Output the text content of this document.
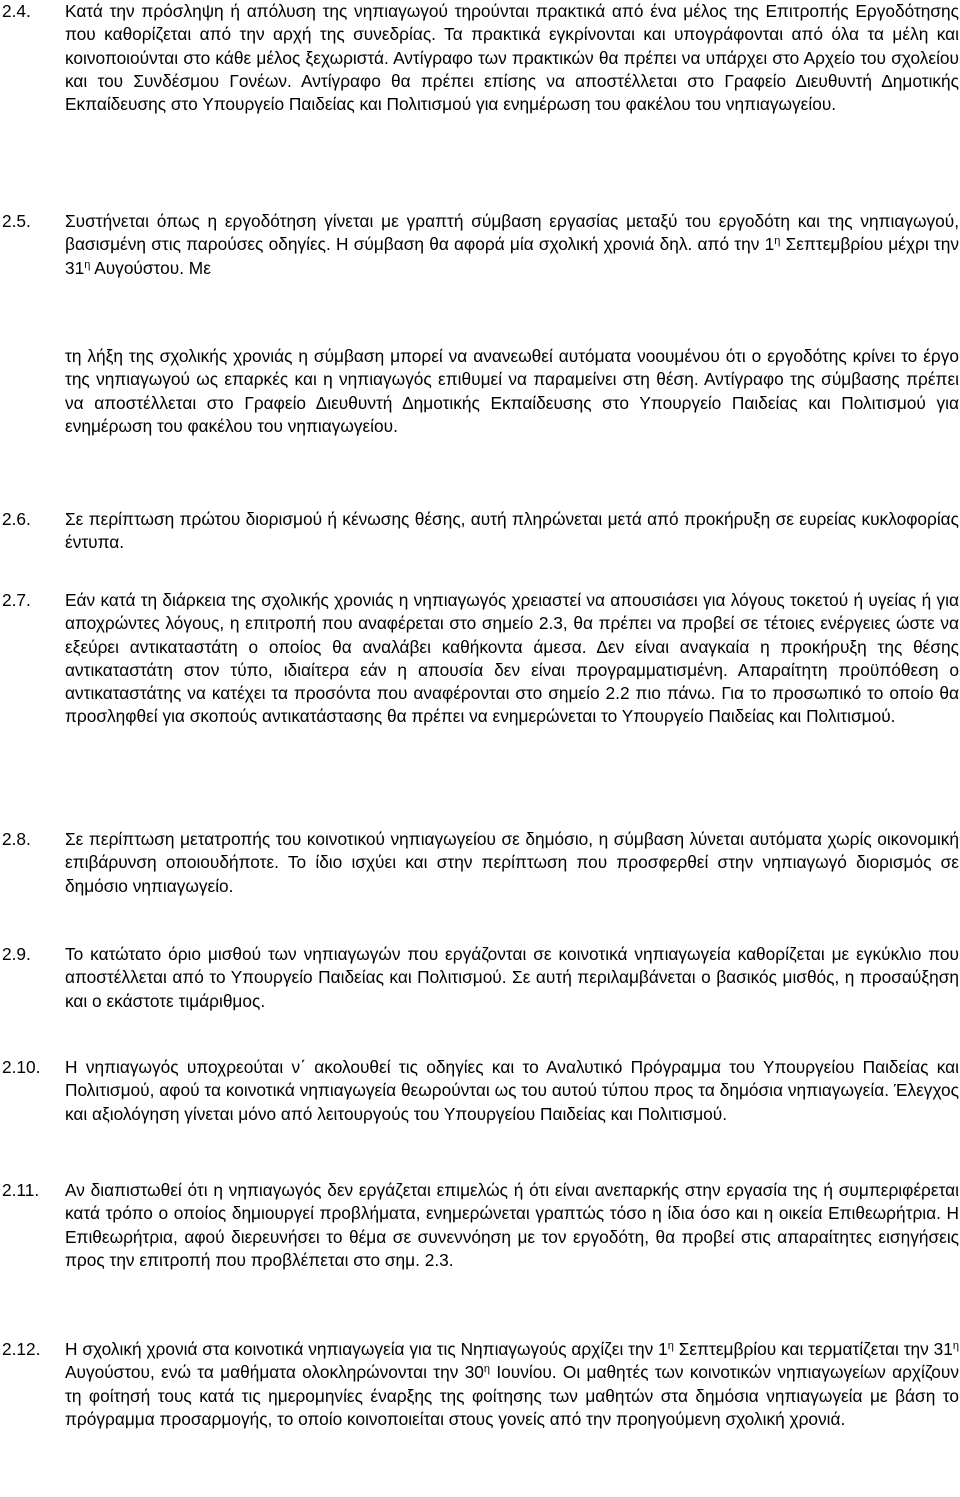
2.4.	Κατά την πρόσληψη ή απόλυση της νηπιαγωγού τηρούνται πρακτικά από ένα μέλος της Επιτροπής Εργοδότησης που καθορίζεται από την αρχή της συνεδρίας. Τα πρακτικά εγκρίνονται και υπογράφονται από όλα τα μέλη και κοινοποιούνται στο κάθε μέλος ξεχωριστά. Αντίγραφο των πρακτικών θα πρέπει να υπάρχει στο Αρχείο του σχολείου και του Συνδέσμου Γονέων. Αντίγραφο θα πρέπει επίσης να αποστέλλεται στο Γραφείο Διευθυντή Δημοτικής Εκπαίδευσης στο Υπουργείο Παιδείας και Πολιτισμού για ενημέρωση του φακέλου του νηπιαγωγείου.
2.5.	Συστήνεται όπως η εργοδότηση γίνεται με γραπτή σύμβαση εργασίας μεταξύ του εργοδότη και της νηπιαγωγού, βασισμένη στις παρούσες οδηγίες. Η σύμβαση θα αφορά μία σχολική χρονιά δηλ. από την $1^\eta$ Σεπτεμβρίου μέχρι την $31^\eta$ Αυγούστου. Με
τη λήξη της σχολικής χρονιάς η σύμβαση μπορεί να ανανεωθεί αυτόματα νοουμένου ότι ο εργοδότης κρίνει το έργο της νηπιαγωγού ως επαρκές και η νηπιαγωγός επιθυμεί να παραμείνει στη θέση. Αντίγραφο της σύμβασης πρέπει να αποστέλλεται στο Γραφείο Διευθυντή Δημοτικής Εκπαίδευσης στο Υπουργείο Παιδείας και Πολιτισμού για ενημέρωση του φακέλου του νηπιαγωγείου.
2.6.	Σε περίπτωση πρώτου διορισμού ή κένωσης θέσης, αυτή πληρώνεται μετά από προκήρυξη σε ευρείας κυκλοφορίας έντυπα.
2.7.	Εάν κατά τη διάρκεια της σχολικής χρονιάς η νηπιαγωγός χρειαστεί να απουσιάσει για λόγους τοκετού ή υγείας ή για αποχρώντες λόγους, η επιτροπή που αναφέρεται στο σημείο 2.3, θα πρέπει να προβεί σε τέτοιες ενέργειες ώστε να εξεύρει αντικαταστάτη ο οποίος θα αναλάβει καθήκοντα άμεσα. Δεν είναι αναγκαία η προκήρυξη της θέσης αντικαταστάτη στον τύπο, ιδιαίτερα εάν η απουσία δεν είναι προγραμματισμένη. Απαραίτητη προϋπόθεση ο αντικαταστάτης να κατέχει τα προσόντα που αναφέρονται στο σημείο 2.2 πιο πάνω. Για το προσωπικό το οποίο θα προσληφθεί για σκοπούς αντικατάστασης θα πρέπει να ενημερώνεται το Υπουργείο Παιδείας και Πολιτισμού.
2.8.	Σε περίπτωση μετατροπής του κοινοτικού νηπιαγωγείου σε δημόσιο, η σύμβαση λύνεται αυτόματα χωρίς οικονομική επιβάρυνση οποιουδήποτε. Το ίδιο ισχύει και στην περίπτωση που προσφερθεί στην νηπιαγωγό διορισμός σε δημόσιο νηπιαγωγείο.
2.9.	Το κατώτατο όριο μισθού των νηπιαγωγών που εργάζονται σε κοινοτικά νηπιαγωγεία καθορίζεται με εγκύκλιο που αποστέλλεται από το Υπουργείο Παιδείας και Πολιτισμού. Σε αυτή περιλαμβάνεται ο βασικός μισθός, η προσαύξηση και ο εκάστοτε τιμάριθμος.
2.10.	Η νηπιαγωγός υποχρεούται ν΄ ακολουθεί τις οδηγίες και το Αναλυτικό Πρόγραμμα του Υπουργείου Παιδείας και Πολιτισμού, αφού τα κοινοτικά νηπιαγωγεία θεωρούνται ως του αυτού τύπου προς τα δημόσια νηπιαγωγεία. Έλεγχος και αξιολόγηση γίνεται μόνο από λειτουργούς του Υπουργείου Παιδείας και Πολιτισμού.
2.11.	Αν διαπιστωθεί ότι η νηπιαγωγός δεν εργάζεται επιμελώς ή ότι είναι ανεπαρκής στην εργασία της ή συμπεριφέρεται κατά τρόπο ο οποίος δημιουργεί προβλήματα, ενημερώνεται γραπτώς τόσο η ίδια όσο και η οικεία Επιθεωρήτρια. Η Επιθεωρήτρια, αφού διερευνήσει το θέμα σε συνεννόηση με τον εργοδότη, θα προβεί στις απαραίτητες εισηγήσεις προς την επιτροπή που προβλέπεται στο σημ. 2.3.
2.12.	Η σχολική χρονιά στα κοινοτικά νηπιαγωγεία για τις Νηπιαγωγούς αρχίζει την $1^\eta$ Σεπτεμβρίου και τερματίζεται την $31^\eta$ Αυγούστου, ενώ τα μαθήματα ολοκληρώνονται την $30^\eta$ Ιουνίου. Οι μαθητές των κοινοτικών νηπιαγωγείων αρχίζουν τη φοίτησή τους κατά τις ημερομηνίες έναρξης της φοίτησης των μαθητών στα δημόσια νηπιαγωγεία με βάση το πρόγραμμα προσαρμογής, το οποίο κοινοποιείται στους γονείς από την προηγούμενη σχολική χρονιά.
